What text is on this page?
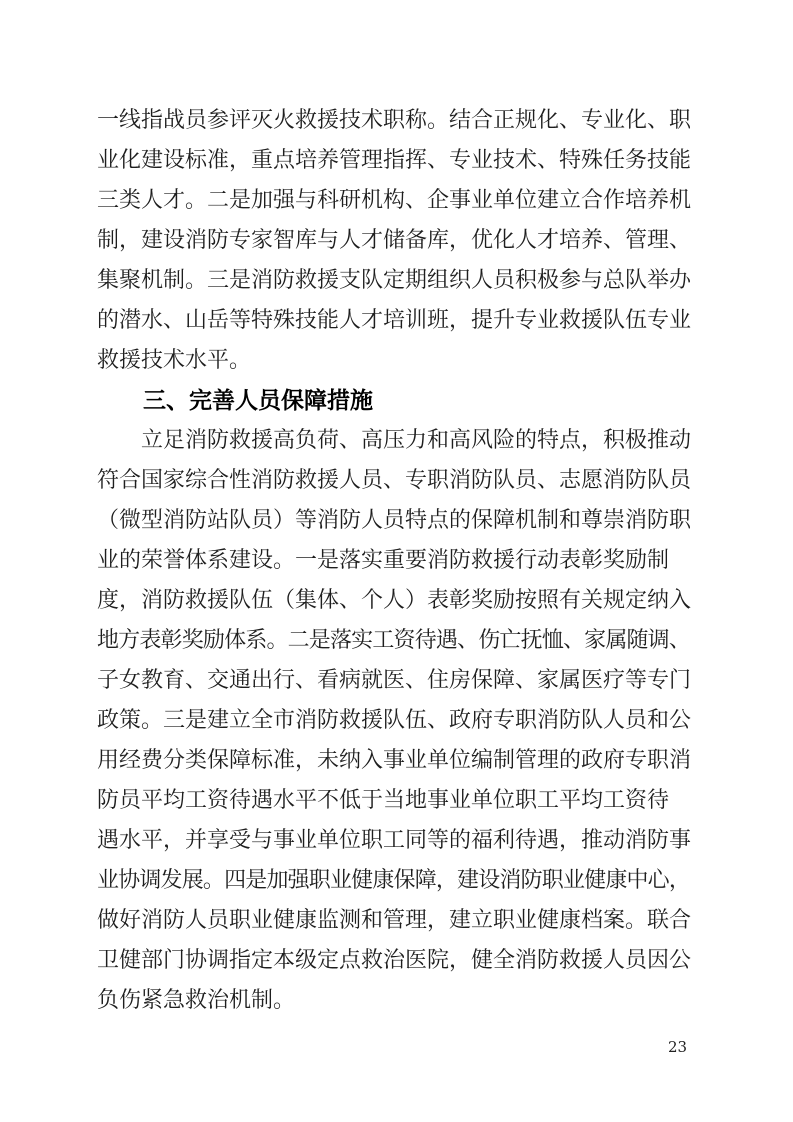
一线指战员参评灭火救援技术职称。结合正规化、专业化、职
业化建设标准，重点培养管理指挥、专业技术、特殊任务技能
三类人才。二是加强与科研机构、企事业单位建立合作培养机
制，建设消防专家智库与人才储备库，优化人才培养、管理、
集聚机制。三是消防救援支队定期组织人员积极参与总队举办
的潜水、山岳等特殊技能人才培训班，提升专业救援队伍专业
救援技术水平。
三、完善人员保障措施
立足消防救援高负荷、高压力和高风险的特点，积极推动
符合国家综合性消防救援人员、专职消防队员、志愿消防队员
（微型消防站队员）等消防人员特点的保障机制和尊崇消防职
业的荣誉体系建设。一是落实重要消防救援行动表彰奖励制
度，消防救援队伍（集体、个人）表彰奖励按照有关规定纳入
地方表彰奖励体系。二是落实工资待遇、伤亡抚恤、家属随调、
子女教育、交通出行、看病就医、住房保障、家属医疗等专门
政策。三是建立全市消防救援队伍、政府专职消防队人员和公
用经费分类保障标准，未纳入事业单位编制管理的政府专职消
防员平均工资待遇水平不低于当地事业单位职工平均工资待
遇水平，并享受与事业单位职工同等的福利待遇，推动消防事
业协调发展。四是加强职业健康保障，建设消防职业健康中心，
做好消防人员职业健康监测和管理，建立职业健康档案。联合
卫健部门协调指定本级定点救治医院，健全消防救援人员因公
负伤紧急救治机制。
23
